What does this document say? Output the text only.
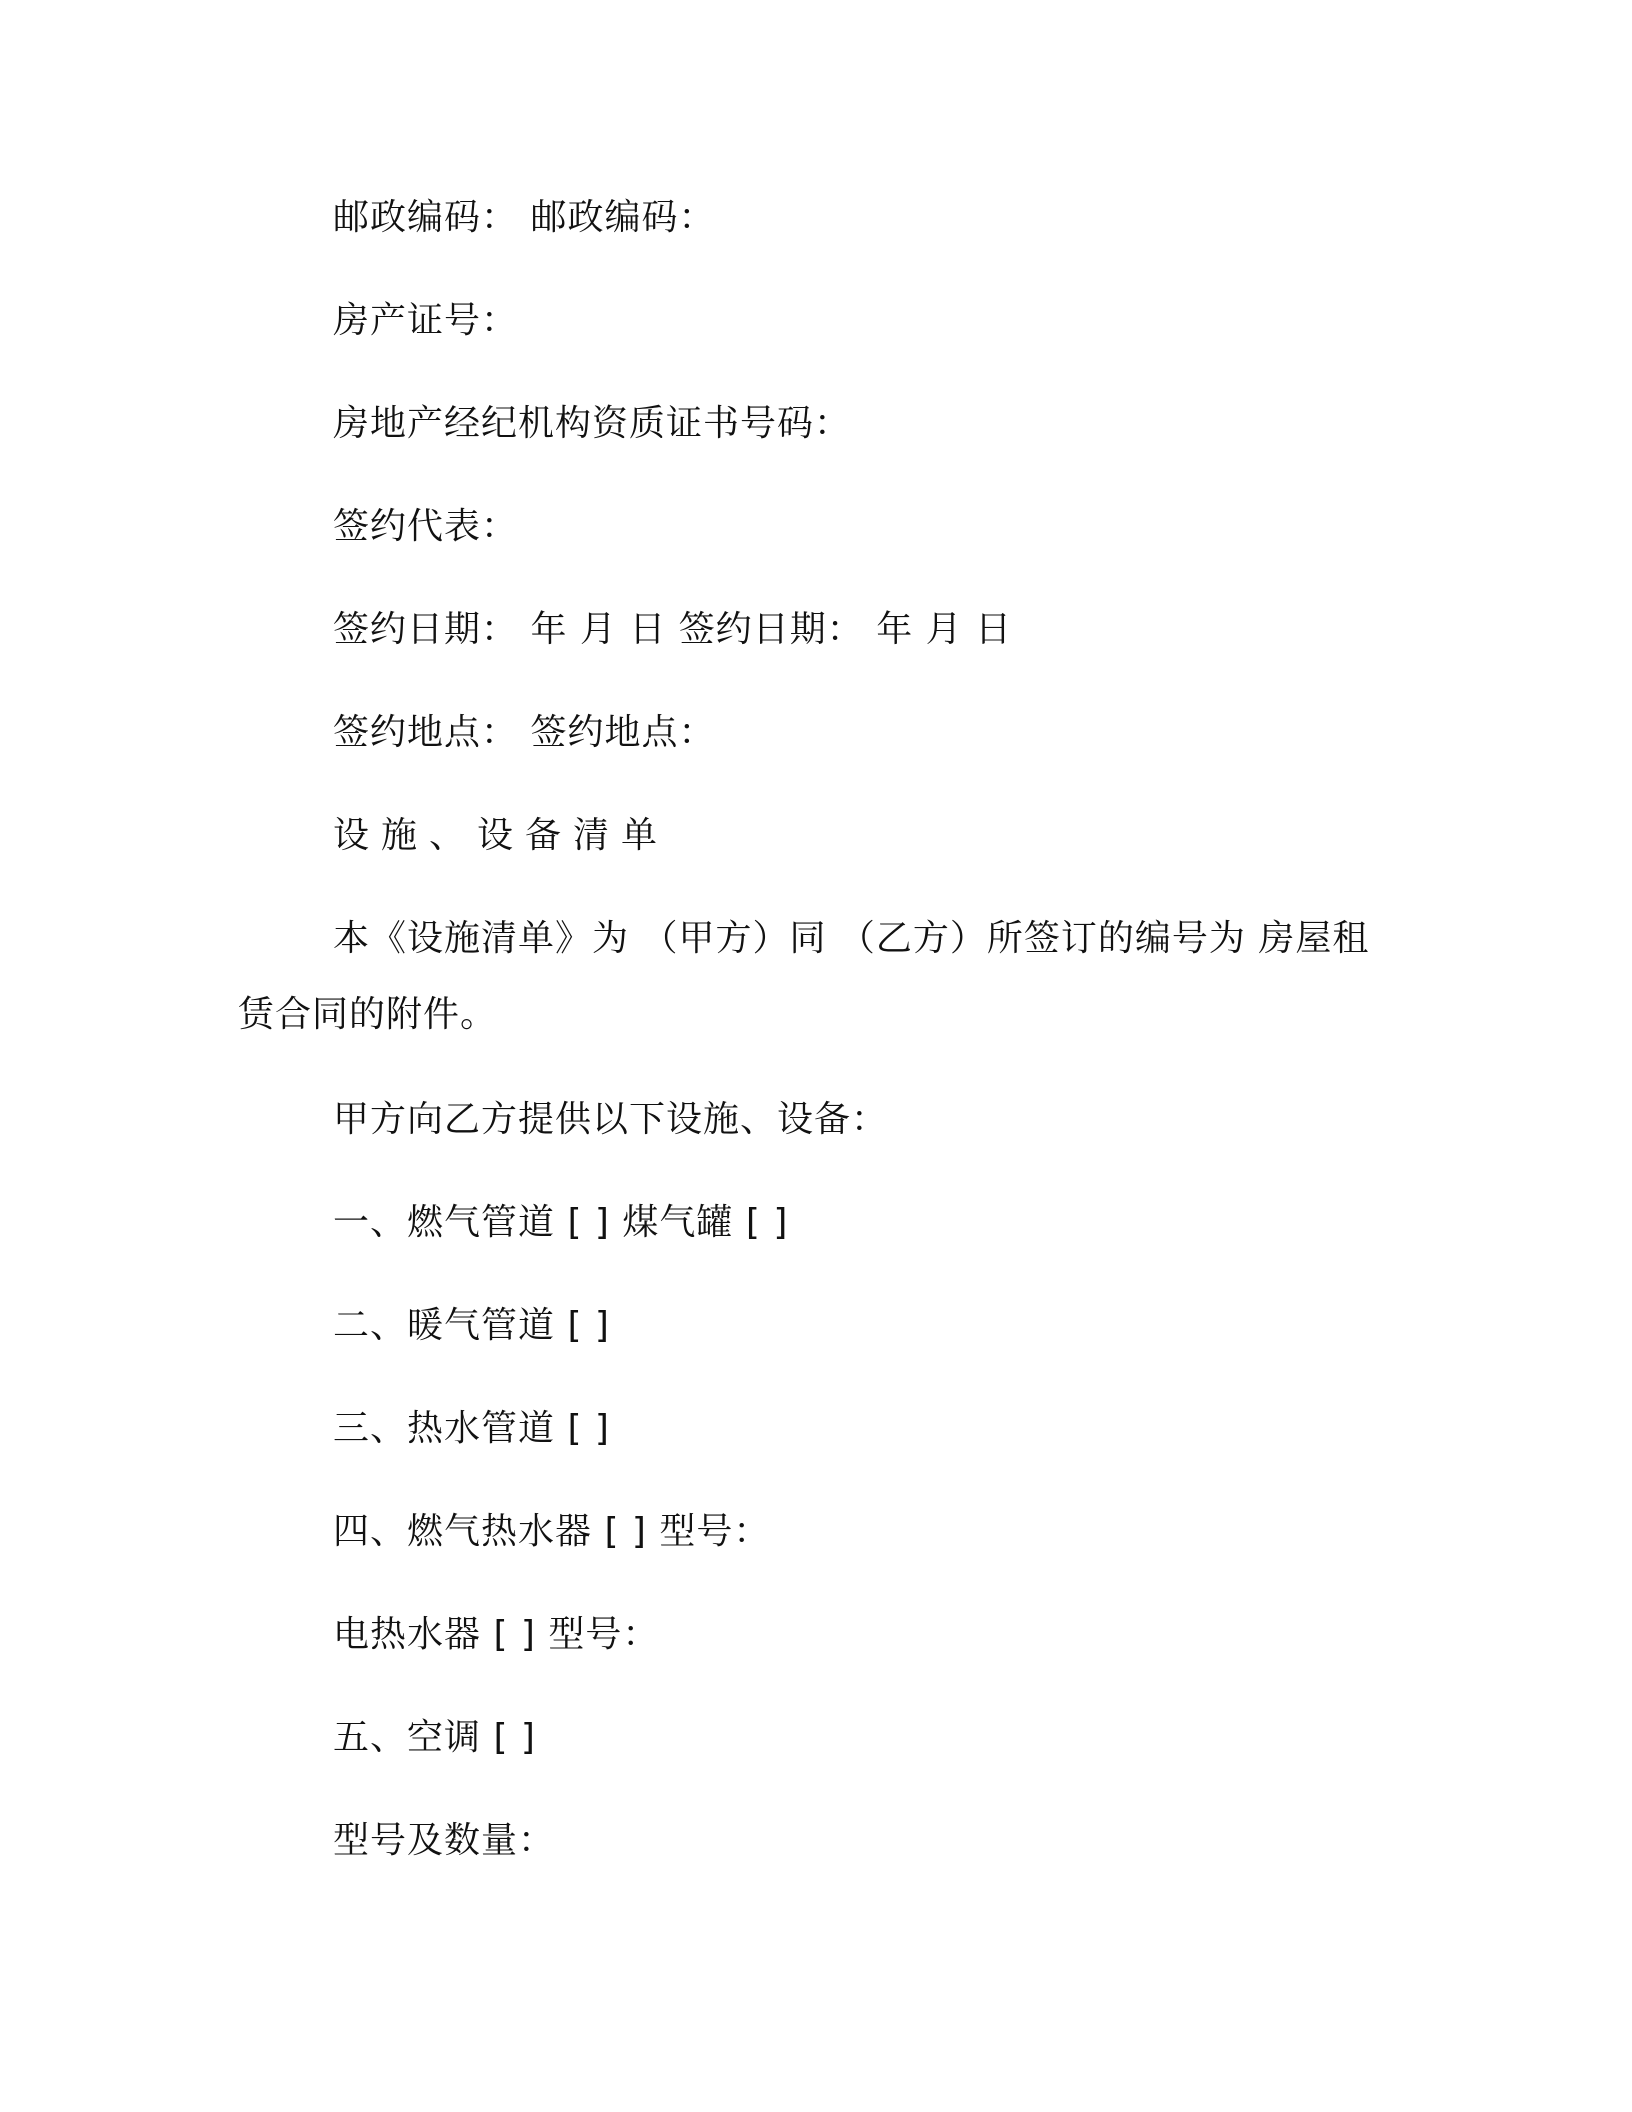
邮政编码： 邮政编码：
房产证号：
房地产经纪机构资质证书号码：
签约代表：
签约日期： 年 月 日 签约日期： 年 月 日
签约地点： 签约地点：
设施、设备清单
本《设施清单》为 （甲方）同 （乙方）所签订的编号为 房屋租
赁合同的附件。
甲方向乙方提供以下设施、设备：
一、燃气管道 [ ] 煤气罐 [ ]
二、暖气管道 [ ]
三、热水管道 [ ]
四、燃气热水器 [ ] 型号：
电热水器 [ ] 型号：
五、空调 [ ]
型号及数量：
